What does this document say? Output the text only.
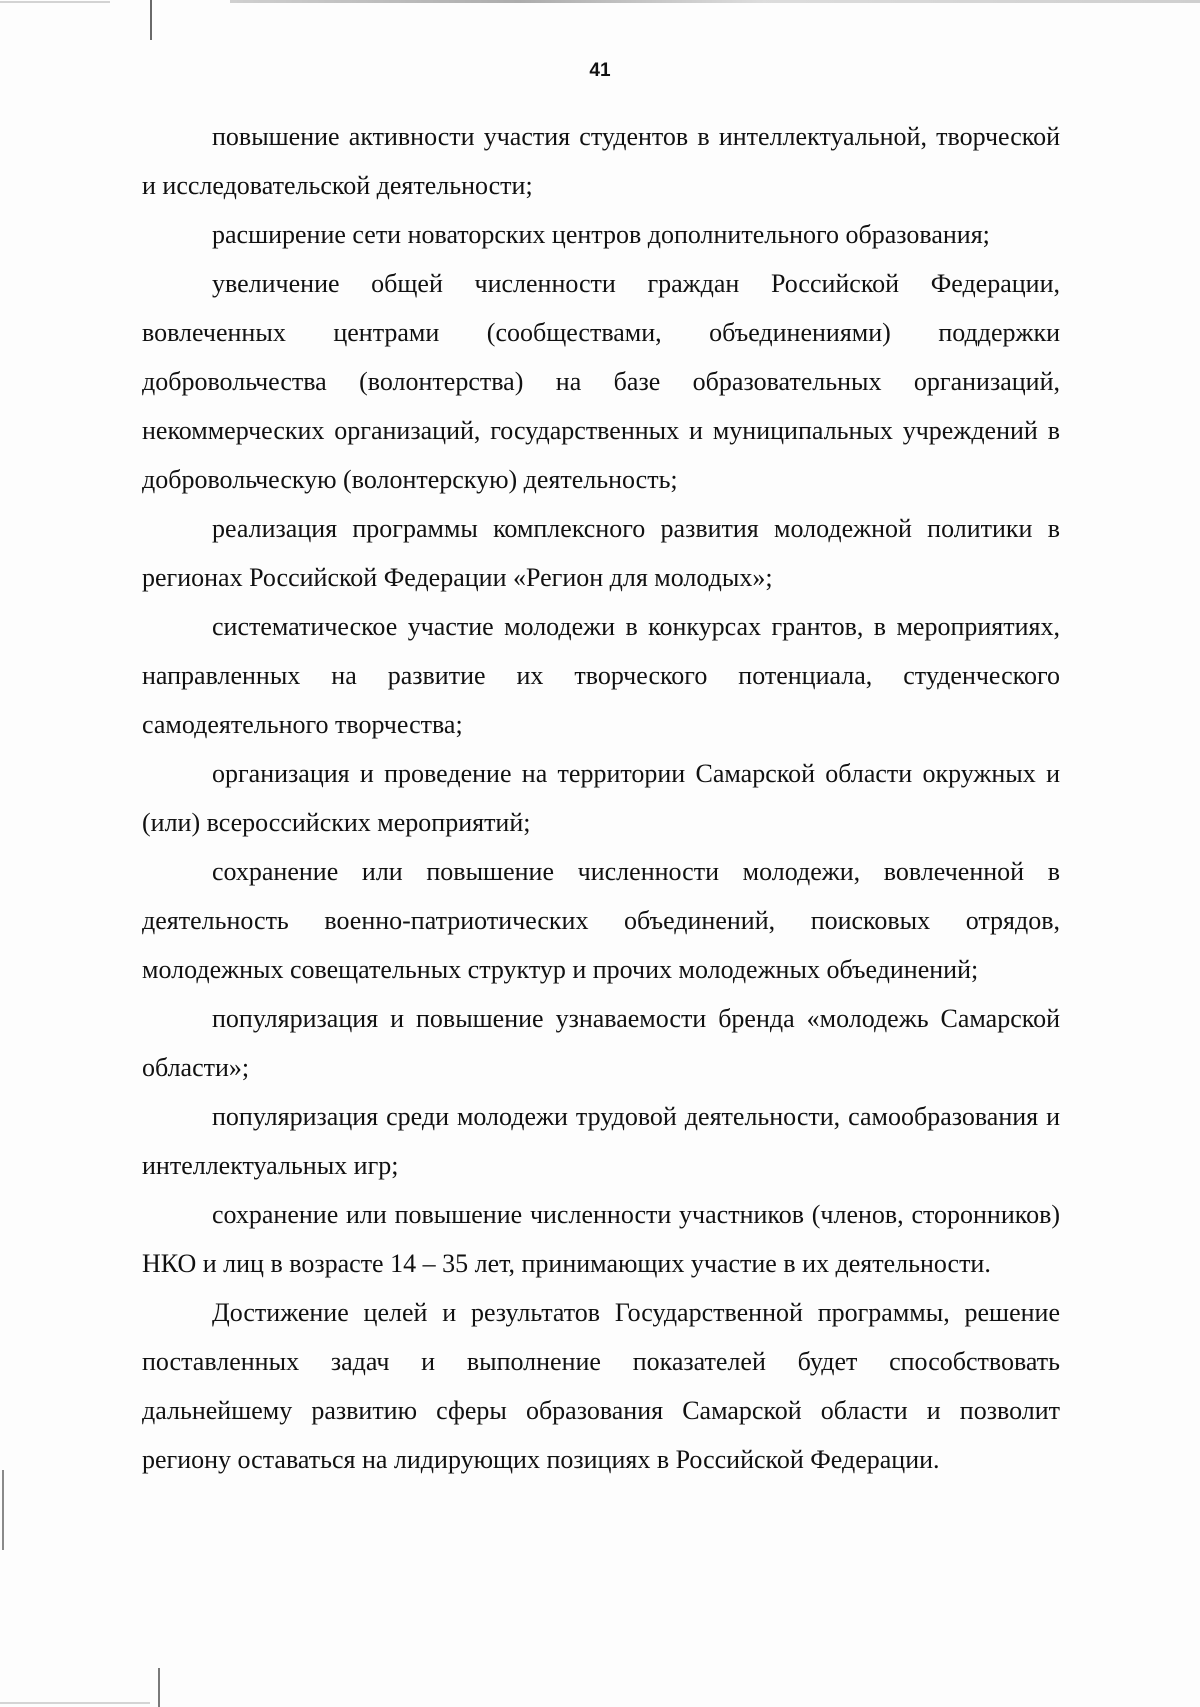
41

повышение активности участия студентов в интеллектуальной, творческой и исследовательской деятельности;

расширение сети новаторских центров дополнительного образования;

увеличение общей численности граждан Российской Федерации, вовлеченных центрами (сообществами, объединениями) поддержки добровольчества (волонтерства) на базе образовательных организаций, некоммерческих организаций, государственных и муниципальных учреждений в добровольческую (волонтерскую) деятельность;

реализация программы комплексного развития молодежной политики в регионах Российской Федерации «Регион для молодых»;

систематическое участие молодежи в конкурсах грантов, в мероприятиях, направленных на развитие их творческого потенциала, студенческого самодеятельного творчества;

организация и проведение на территории Самарской области окружных и (или) всероссийских мероприятий;

сохранение или повышение численности молодежи, вовлеченной в деятельность военно-патриотических объединений, поисковых отрядов, молодежных совещательных структур и прочих молодежных объединений;

популяризация и повышение узнаваемости бренда «молодежь Самарской области»;

популяризация среди молодежи трудовой деятельности, самообразования и интеллектуальных игр;

сохранение или повышение численности участников (членов, сторонников) НКО и лиц в возрасте 14 – 35 лет, принимающих участие в их деятельности.

Достижение целей и результатов Государственной программы, решение поставленных задач и выполнение показателей будет способствовать дальнейшему развитию сферы образования Самарской области и позволит региону оставаться на лидирующих позициях в Российской Федерации.
